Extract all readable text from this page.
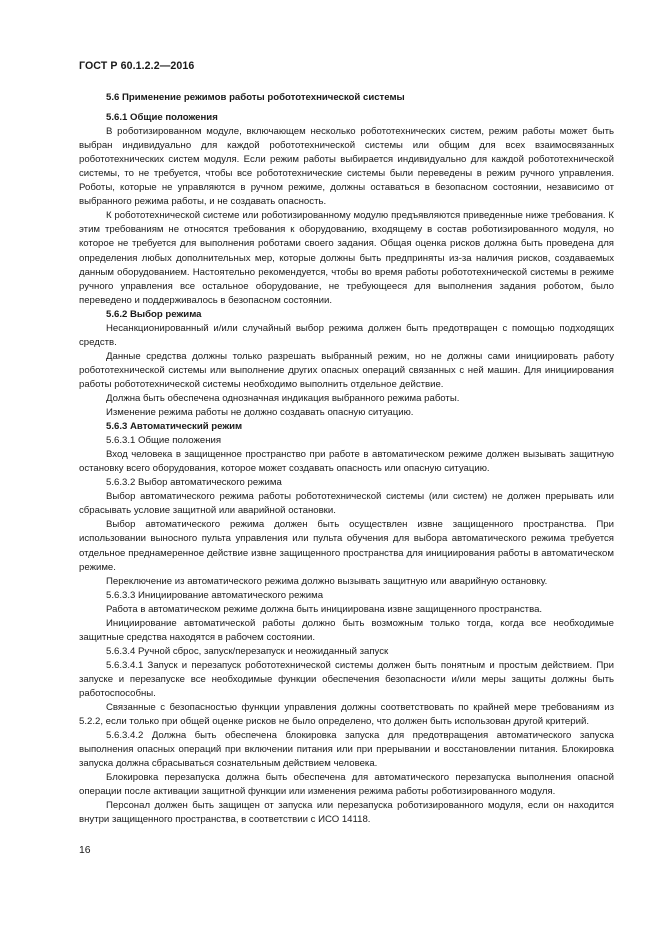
ГОСТ Р 60.1.2.2—2016

5.6 Применение режимов работы робототехнической системы

5.6.1 Общие положения

В роботизированном модуле, включающем несколько робототехнических систем, режим работы может быть выбран индивидуально для каждой робототехнической системы или общим для всех взаимосвязанных робототехнических систем модуля. Если режим работы выбирается индивидуально для каждой робототехнической системы, то не требуется, чтобы все робототехнические системы были переведены в режим ручного управления. Роботы, которые не управляются в ручном режиме, должны оставаться в безопасном состоянии, независимо от выбранного режима работы, и не создавать опасность.

К робототехнической системе или роботизированному модулю предъявляются приведенные ниже требования. К этим требованиям не относятся требования к оборудованию, входящему в состав роботизированного модуля, но которое не требуется для выполнения роботами своего задания. Общая оценка рисков должна быть проведена для определения любых дополнительных мер, которые должны быть предприняты из-за наличия рисков, создаваемых данным оборудованием. Настоятельно рекомендуется, чтобы во время работы робототехнической системы в режиме ручного управления все остальное оборудование, не требующееся для выполнения задания роботом, было переведено и поддерживалось в безопасном состоянии.

5.6.2 Выбор режима

Несанкционированный и/или случайный выбор режима должен быть предотвращен с помощью подходящих средств.

Данные средства должны только разрешать выбранный режим, но не должны сами инициировать работу робототехнической системы или выполнение других опасных операций связанных с ней машин. Для инициирования работы робототехнической системы необходимо выполнить отдельное действие.

Должна быть обеспечена однозначная индикация выбранного режима работы.

Изменение режима работы не должно создавать опасную ситуацию.

5.6.3 Автоматический режим

5.6.3.1 Общие положения

Вход человека в защищенное пространство при работе в автоматическом режиме должен вызывать защитную остановку всего оборудования, которое может создавать опасность или опасную ситуацию.

5.6.3.2 Выбор автоматического режима

Выбор автоматического режима работы робототехнической системы (или систем) не должен прерывать или сбрасывать условие защитной или аварийной остановки.

Выбор автоматического режима должен быть осуществлен извне защищенного пространства. При использовании выносного пульта управления или пульта обучения для выбора автоматического режима требуется отдельное преднамеренное действие извне защищенного пространства для инициирования работы в автоматическом режиме.

Переключение из автоматического режима должно вызывать защитную или аварийную остановку.

5.6.3.3 Инициирование автоматического режима

Работа в автоматическом режиме должна быть инициирована извне защищенного пространства.

Инициирование автоматической работы должно быть возможным только тогда, когда все необходимые защитные средства находятся в рабочем состоянии.

5.6.3.4 Ручной сброс, запуск/перезапуск и неожиданный запуск

5.6.3.4.1 Запуск и перезапуск робототехнической системы должен быть понятным и простым действием. При запуске и перезапуске все необходимые функции обеспечения безопасности и/или меры защиты должны быть работоспособны.

Связанные с безопасностью функции управления должны соответствовать по крайней мере требованиям из 5.2.2, если только при общей оценке рисков не было определено, что должен быть использован другой критерий.

5.6.3.4.2 Должна быть обеспечена блокировка запуска для предотвращения автоматического запуска выполнения опасных операций при включении питания или при прерывании и восстановлении питания. Блокировка запуска должна сбрасываться сознательным действием человека.

Блокировка перезапуска должна быть обеспечена для автоматического перезапуска выполнения опасной операции после активации защитной функции или изменения режима работы роботизированного модуля.

Персонал должен быть защищен от запуска или перезапуска роботизированного модуля, если он находится внутри защищенного пространства, в соответствии с ИСО 14118.

16
